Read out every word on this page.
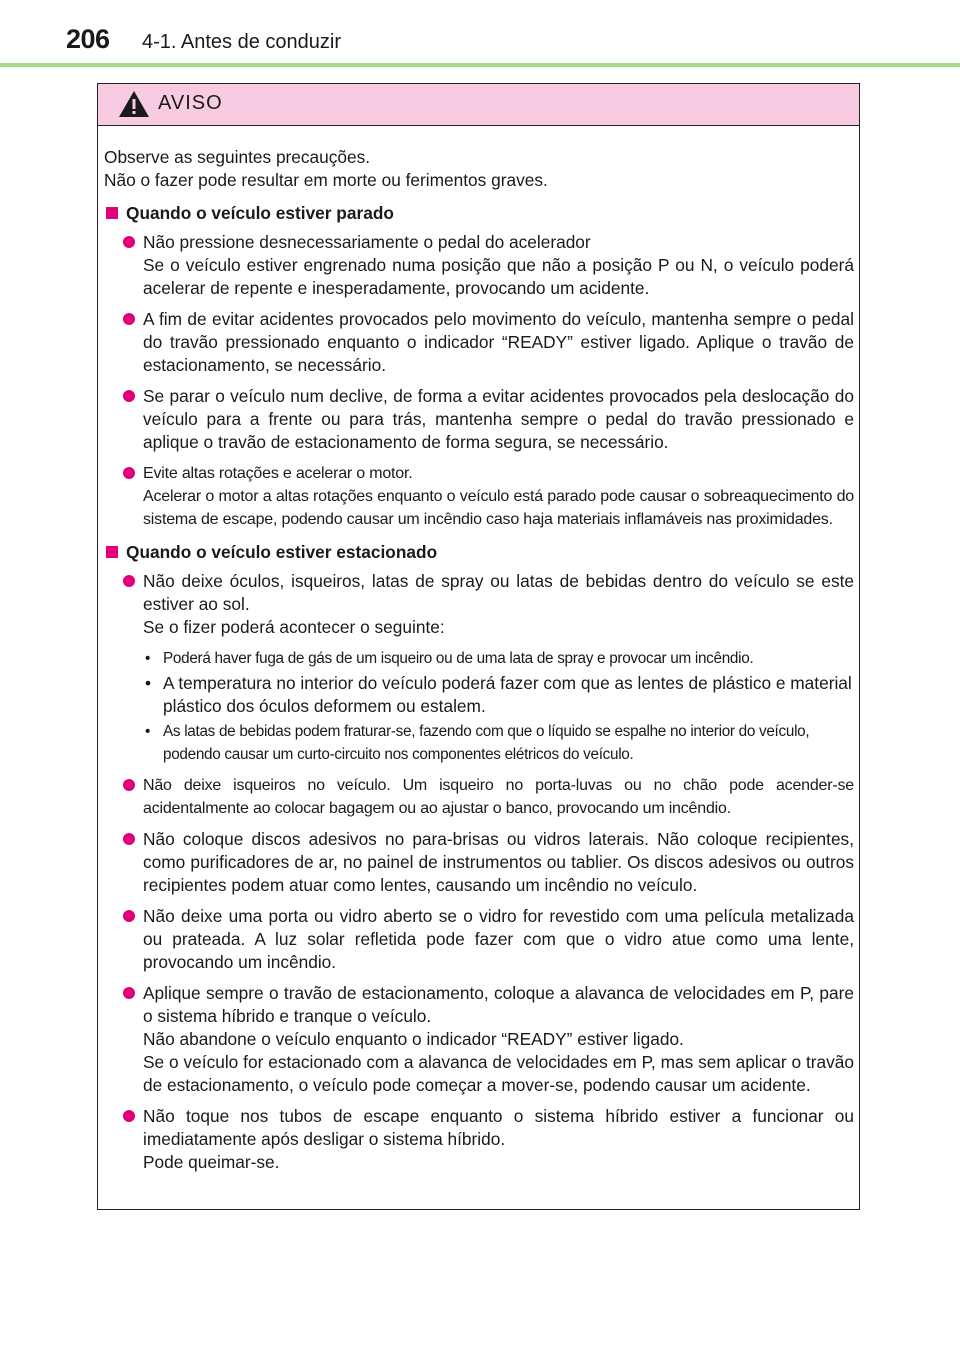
206 4-1. Antes de conduzir
AVISO

Observe as seguintes precauções.

Não o fazer pode resultar em morte ou ferimentos graves.

Quando o veículo estiver parado

Não pressione desnecessariamente o pedal do acelerador

Se o veículo estiver engrenado numa posição que não a posição P ou N, o veículo poderá acelerar de repente e inesperadamente, provocando um acidente.

A fim de evitar acidentes provocados pelo movimento do veículo, mantenha sempre o pedal do travão pressionado enquanto o indicador “READY” estiver ligado. Aplique o travão de estacionamento, se necessário.

Se parar o veículo num declive, de forma a evitar acidentes provocados pela deslocação do veículo para a frente ou para trás, mantenha sempre o pedal do travão pressionado e aplique o travão de estacionamento de forma segura, se necessário.

Evite altas rotações e acelerar o motor.

Acelerar o motor a altas rotações enquanto o veículo está parado pode causar o sobreaquecimento do sistema de escape, podendo causar um incêndio caso haja materiais inflamáveis nas proximidades.

Quando o veículo estiver estacionado

Não deixe óculos, isqueiros, latas de spray ou latas de bebidas dentro do veículo se este estiver ao sol.

Se o fizer poderá acontecer o seguinte:

• Poderá haver fuga de gás de um isqueiro ou de uma lata de spray e provocar um incêndio.
• A temperatura no interior do veículo poderá fazer com que as lentes de plástico e material plástico dos óculos deformem ou estalem.
• As latas de bebidas podem fraturar-se, fazendo com que o líquido se espalhe no interior do veículo, podendo causar um curto-circuito nos componentes elétricos do veículo.

Não deixe isqueiros no veículo. Um isqueiro no porta-luvas ou no chão pode acender-se acidentalmente ao colocar bagagem ou ao ajustar o banco, provocando um incêndio.

Não coloque discos adesivos no para-brisas ou vidros laterais. Não coloque recipientes, como purificadores de ar, no painel de instrumentos ou tablier. Os discos adesivos ou outros recipientes podem atuar como lentes, causando um incêndio no veículo.

Não deixe uma porta ou vidro aberto se o vidro for revestido com uma película metalizada ou prateada. A luz solar refletida pode fazer com que o vidro atue como uma lente, provocando um incêndio.

Aplique sempre o travão de estacionamento, coloque a alavanca de velocidades em P, pare o sistema híbrido e tranque o veículo.

Não abandone o veículo enquanto o indicador “READY” estiver ligado.

Se o veículo for estacionado com a alavanca de velocidades em P, mas sem aplicar o travão de estacionamento, o veículo pode começar a mover-se, podendo causar um acidente.

Não toque nos tubos de escape enquanto o sistema híbrido estiver a funcionar ou imediatamente após desligar o sistema híbrido.

Pode queimar-se.
